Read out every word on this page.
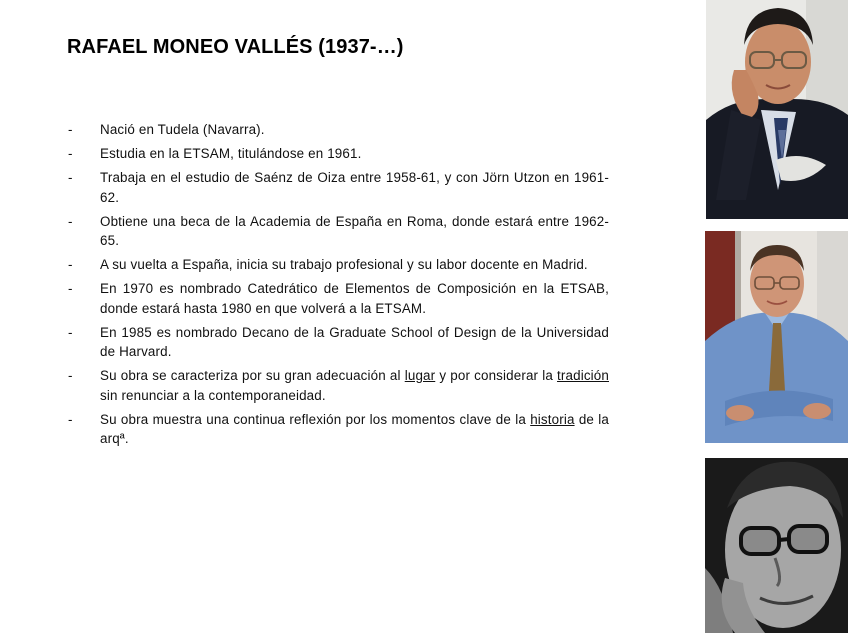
RAFAEL MONEO VALLÉS (1937-…)
- Nació en Tudela (Navarra).
- Estudia en la ETSAM, titulándose en 1961.
- Trabaja en el estudio de Saénz de Oiza entre 1958-61, y con Jörn Utzon en 1961-62.
- Obtiene una beca de la Academia de España en Roma, donde estará entre 1962-65.
- A su vuelta a España, inicia su trabajo profesional y su labor docente en Madrid.
- En 1970 es nombrado Catedrático de Elementos de Composición en la ETSAB, donde estará hasta 1980 en que volverá a la ETSAM.
- En 1985 es nombrado Decano de la Graduate School of Design de la Universidad de Harvard.
- Su obra se caracteriza por su gran adecuación al lugar y por considerar la tradición sin renunciar a la contemporaneidad.
- Su obra muestra una continua reflexión por los momentos clave de la historia de la arqª.
